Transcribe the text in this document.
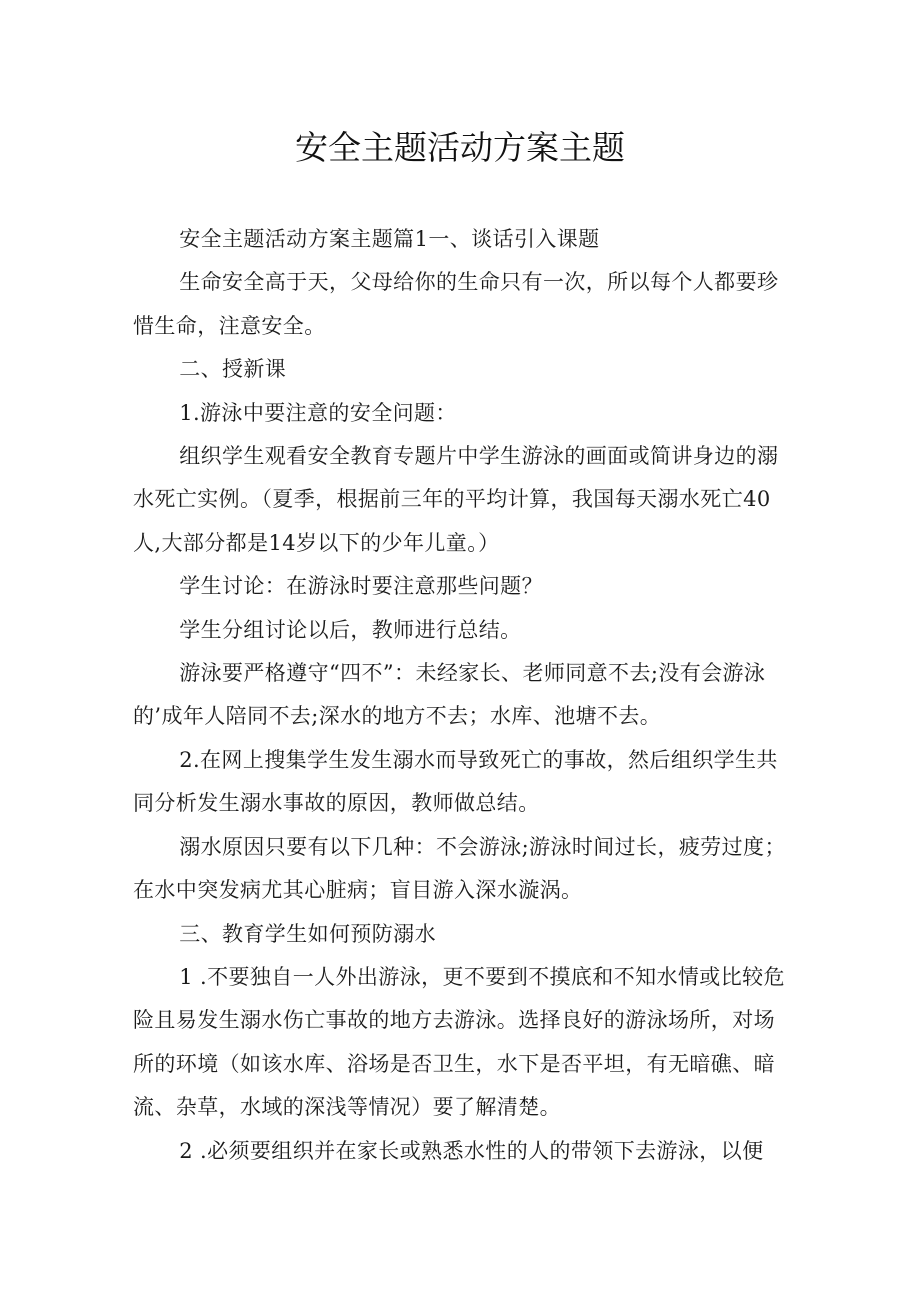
安全主题活动方案主题

安全主题活动方案主题篇1一、谈话引入课题

生命安全高于天，父母给你的生命只有一次，所以每个人都要珍惜生命，注意安全。

二、授新课

1.游泳中要注意的安全问题：

组织学生观看安全教育专题片中学生游泳的画面或简讲身边的溺水死亡实例。（夏季，根据前三年的平均计算，我国每天溺水死亡40人,大部分都是14岁以下的少年儿童。）

学生讨论：在游泳时要注意那些问题？

学生分组讨论以后，教师进行总结。

游泳要严格遵守“四不”：未经家长、老师同意不去;没有会游泳的’成年人陪同不去;深水的地方不去；水库、池塘不去。

2.在网上搜集学生发生溺水而导致死亡的事故，然后组织学生共同分析发生溺水事故的原因，教师做总结。

溺水原因只要有以下几种：不会游泳;游泳时间过长，疲劳过度；在水中突发病尤其心脏病；盲目游入深水漩涡。

三、教育学生如何预防溺水

1 .不要独自一人外出游泳，更不要到不摸底和不知水情或比较危险且易发生溺水伤亡事故的地方去游泳。选择良好的游泳场所，对场所的环境（如该水库、浴场是否卫生，水下是否平坦，有无暗礁、暗流、杂草，水域的深浅等情况）要了解清楚。

2 .必须要组织并在家长或熟悉水性的人的带领下去游泳，以便
